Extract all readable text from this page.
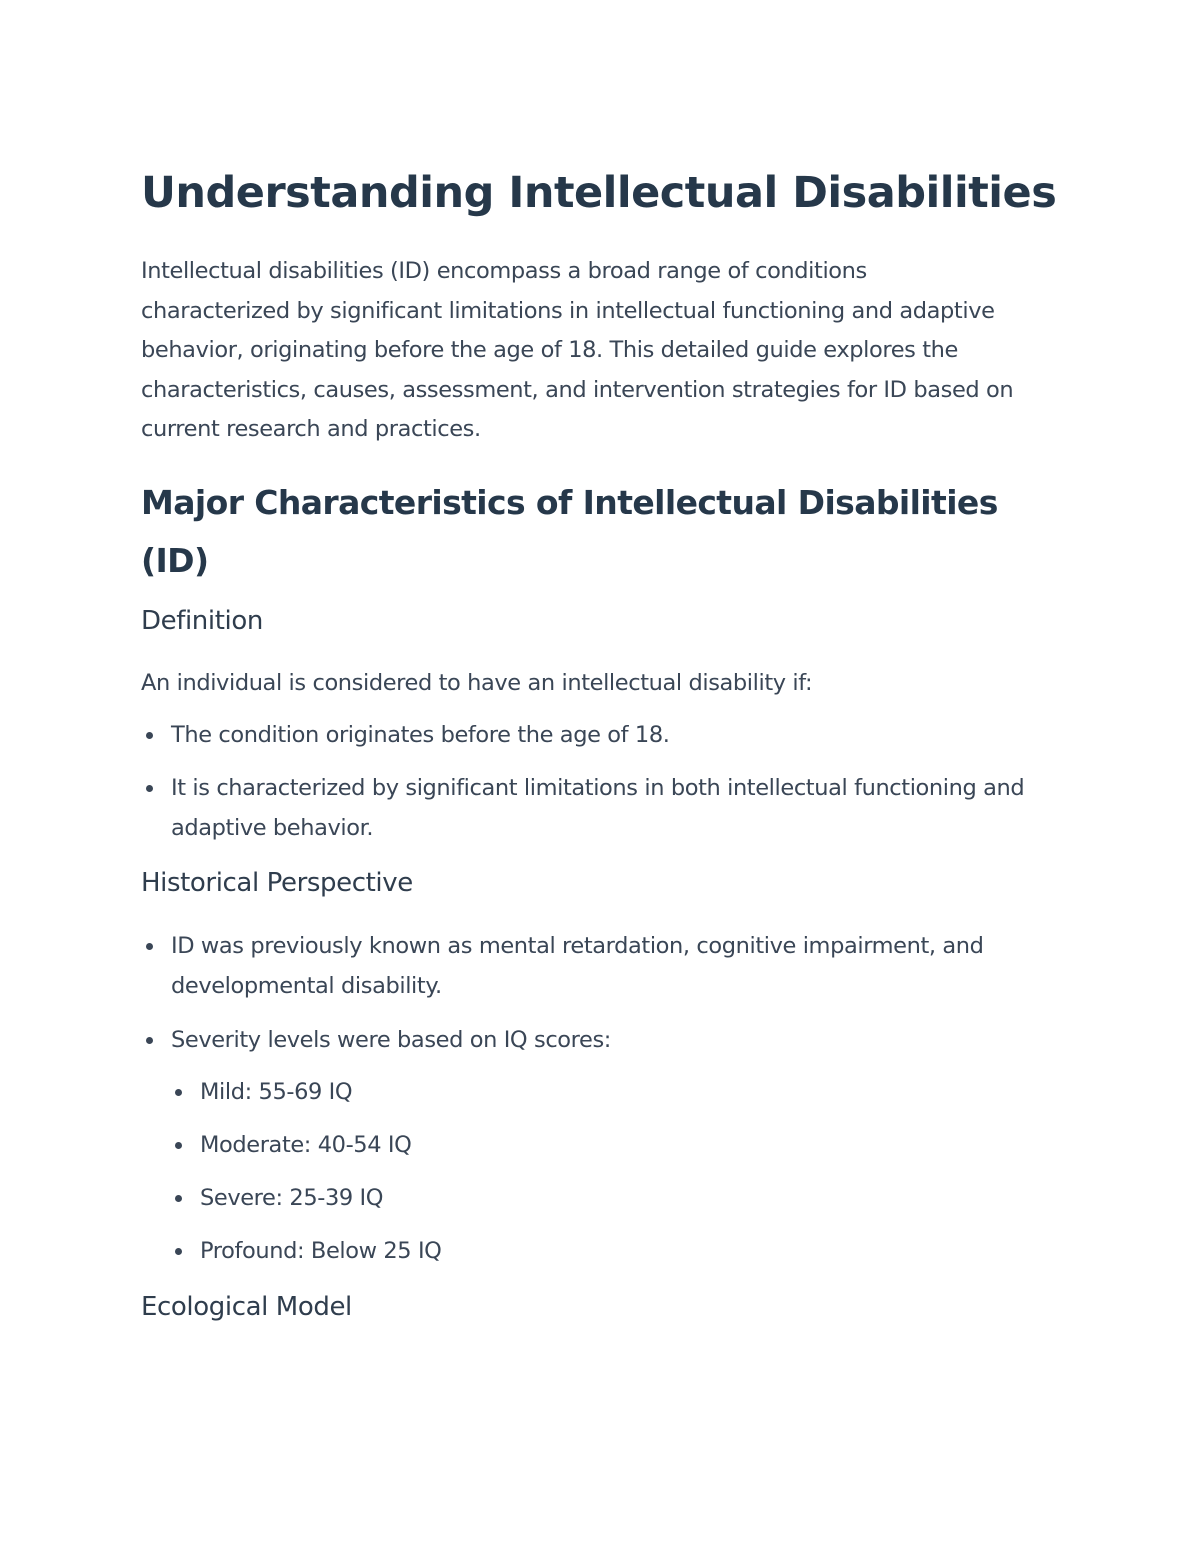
Understanding Intellectual Disabilities

Intellectual disabilities (ID) encompass a broad range of conditions characterized by significant limitations in intellectual functioning and adaptive behavior, originating before the age of 18. This detailed guide explores the characteristics, causes, assessment, and intervention strategies for ID based on current research and practices.

Major Characteristics of Intellectual Disabilities (ID)
Definition

An individual is considered to have an intellectual disability if:

The condition originates before the age of 18.
It is characterized by significant limitations in both intellectual functioning and adaptive behavior.
Historical Perspective
ID was previously known as mental retardation, cognitive impairment, and developmental disability.
Severity levels were based on IQ scores:
Mild: 55-69 IQ
Moderate: 40-54 IQ
Severe: 25-39 IQ
Profound: Below 25 IQ
Ecological Model
